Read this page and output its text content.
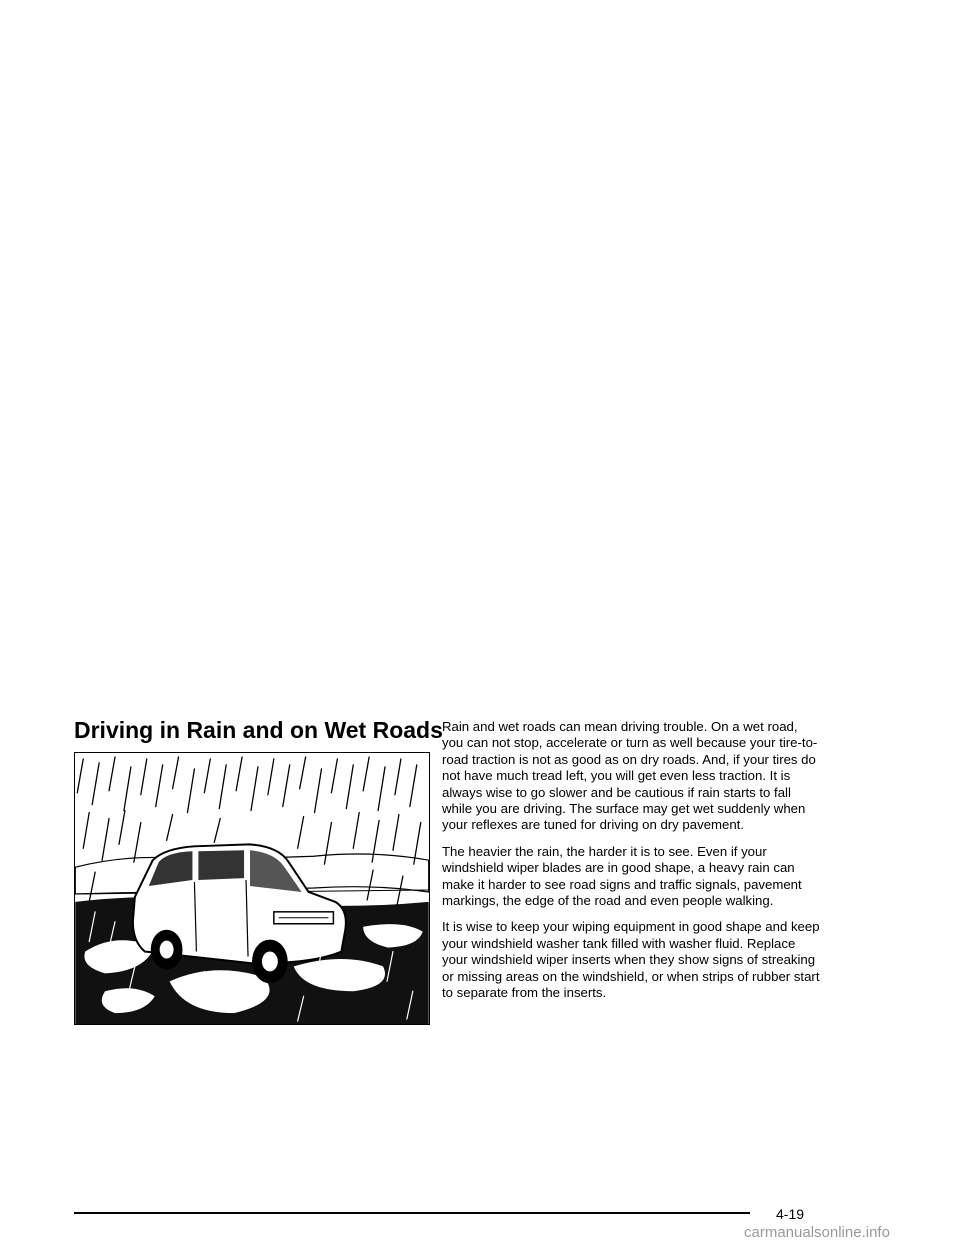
Driving in Rain and on Wet Roads Rain and wet roads can mean driving trouble. On a wet road, you can not stop, accelerate or turn as well because your tire-to-road traction is not as good as on dry roads. And, if your tires do not have much tread left, you will get even less traction. It is always wise to go slower and be cautious if rain starts to fall while you are driving. The surface may get wet suddenly when your reflexes are tuned for driving on dry pavement.

The heavier the rain, the harder it is to see. Even if your windshield wiper blades are in good shape, a heavy rain can make it harder to see road signs and traffic signals, pavement markings, the edge of the road and even people walking.

It is wise to keep your wiping equipment in good shape and keep your windshield washer tank filled with washer fluid. Replace your windshield wiper inserts when they show signs of streaking or missing areas on the windshield, or when strips of rubber start to separate from the inserts.

4-19
carmanualsonline.info
